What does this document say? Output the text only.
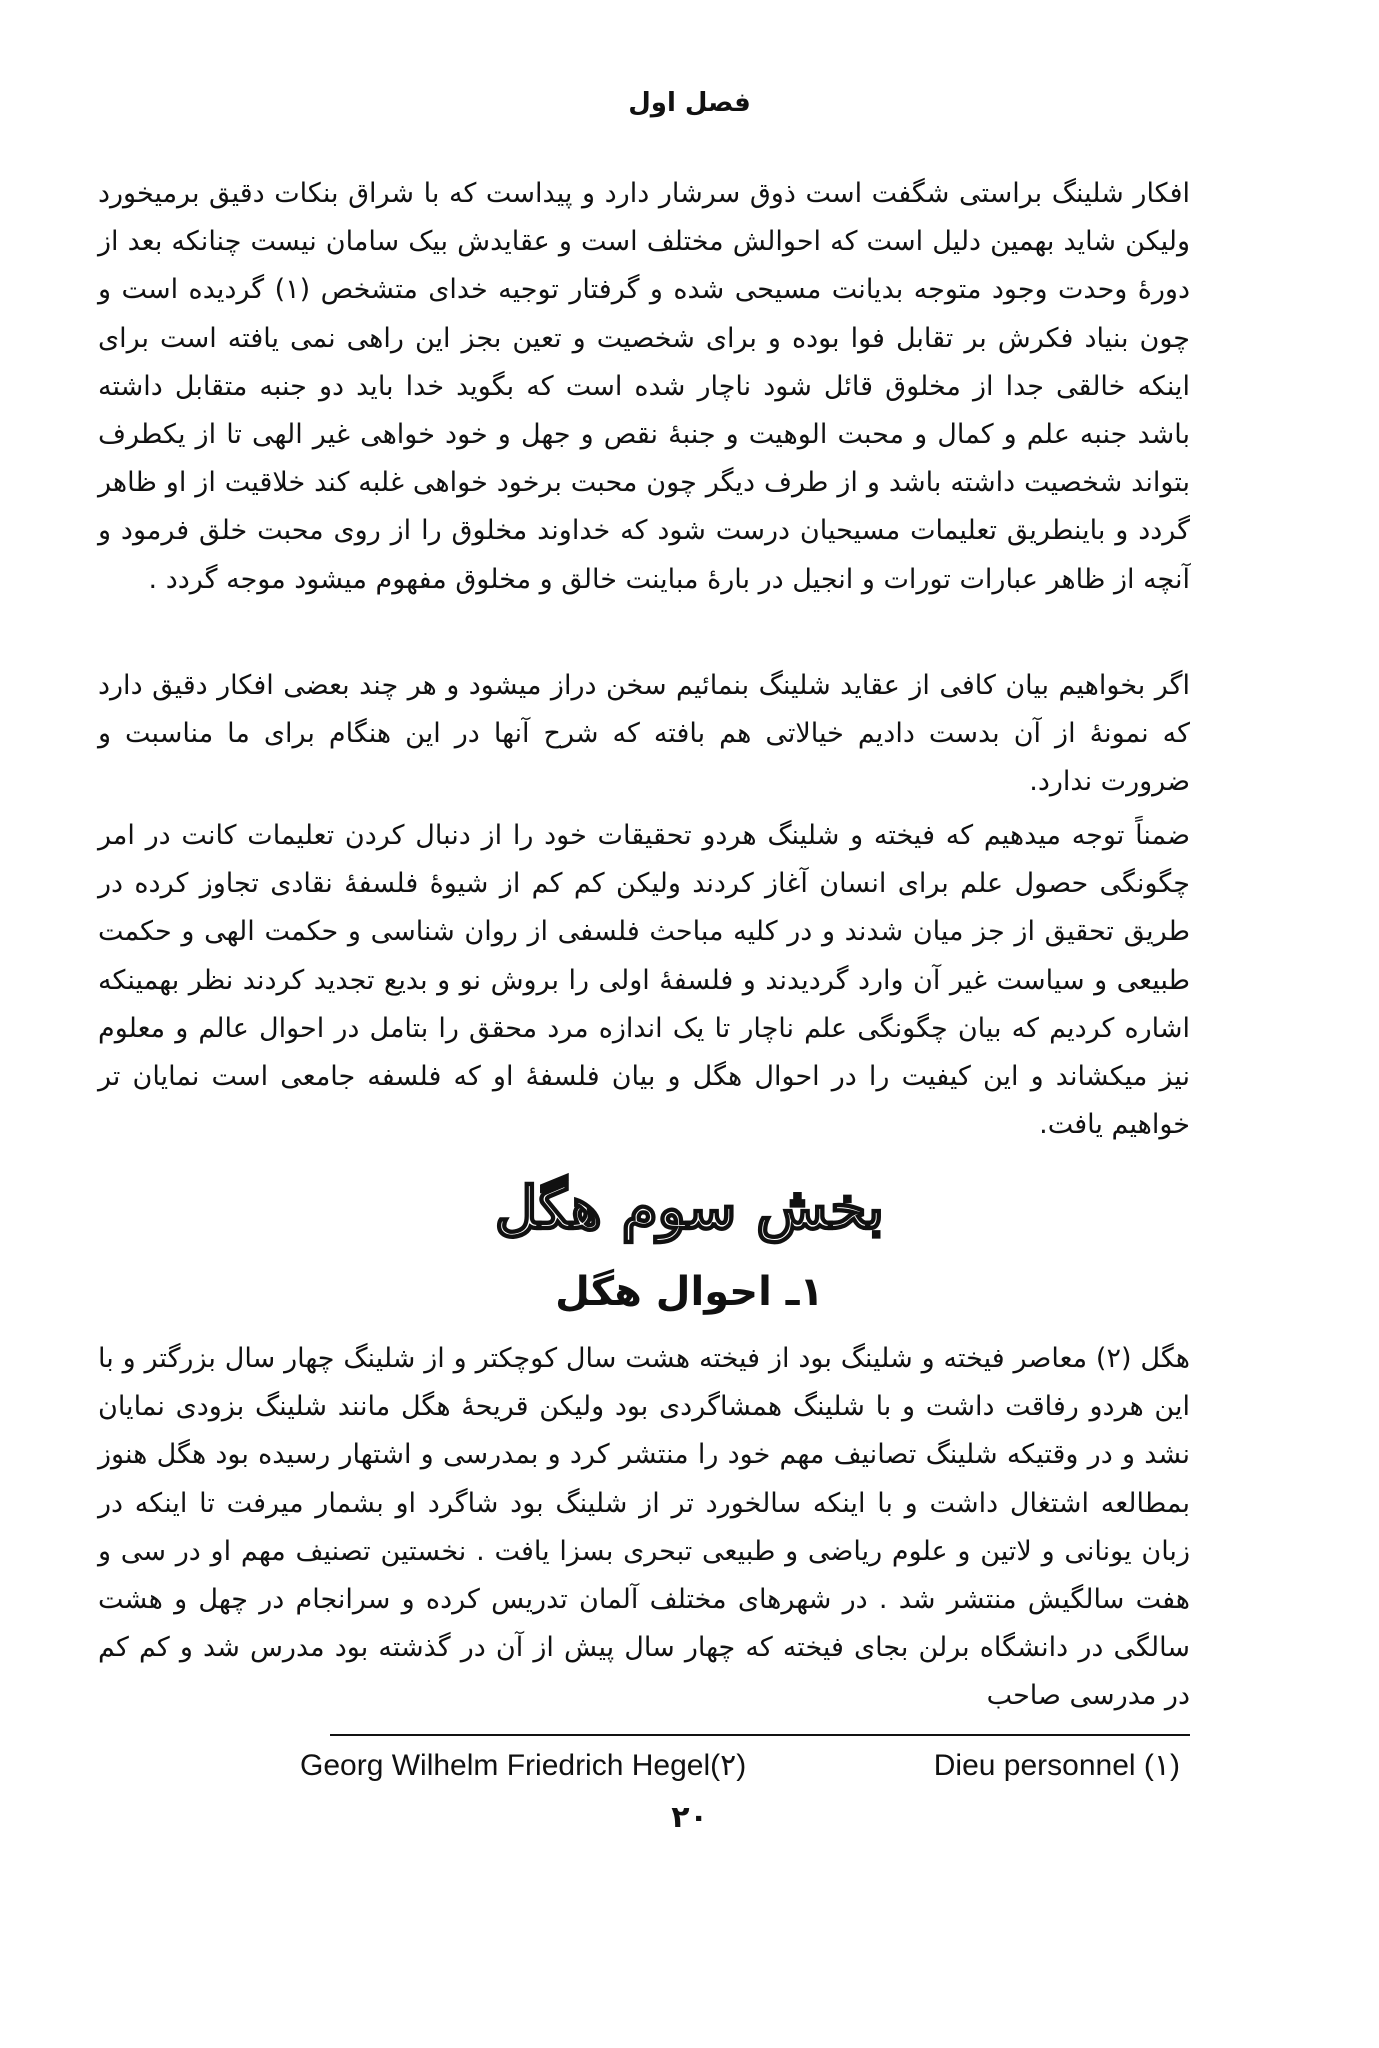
فصل اول

افکار شلینگ براستی شگفت است ذوق سرشار دارد و پیداست که با شراق بنکات دقیق برمیخورد ولیکن شاید بهمین دلیل است که احوالش مختلف است و عقایدش بیک سامان نیست چنانکه بعد از دورهٔ وحدت وجود متوجه بدیانت مسیحی شده و گرفتار توجیه خدای متشخص (۱) گردیده است و چون بنیاد فکرش بر تقابل فوا بوده و برای شخصیت و تعین بجز این راهی نمی یافته است برای اینکه خالقی جدا از مخلوق قائل شود ناچار شده است که بگوید خدا باید دو جنبه متقابل داشته باشد جنبه علم و کمال و محبت الوهیت و جنبهٔ نقص و جهل و خود خواهی غیر الهی تا از یکطرف بتواند شخصیت داشته باشد و از طرف دیگر چون محبت برخود خواهی غلبه کند خلاقیت از او ظاهر گردد و باینطریق تعلیمات مسیحیان درست شود که خداوند مخلوق را از روی محبت خلق فرمود و آنچه از ظاهر عبارات تورات و انجیل در بارهٔ مباینت خالق و مخلوق مفهوم میشود موجه گردد .

اگر بخواهیم بیان کافی از عقاید شلینگ بنمائیم سخن دراز میشود و هر چند بعضی افکار دقیق دارد که نمونهٔ از آن بدست دادیم خیالاتی هم بافته که شرح آنها در این هنگام برای ما مناسبت و ضرورت ندارد.

ضمناً توجه میدهیم که فیخته و شلینگ هردو تحقیقات خود را از دنبال کردن تعلیمات کانت در امر چگونگی حصول علم برای انسان آغاز کردند ولیکن کم کم از شیوهٔ فلسفهٔ نقادی تجاوز کرده در طریق تحقیق از جز میان شدند و در کلیه مباحث فلسفی از روان شناسی و حکمت الهی و حکمت طبیعی و سیاست غیر آن وارد گردیدند و فلسفهٔ اولی را بروش نو و بدیع تجدید کردند نظر بهمینکه اشاره کردیم که بیان چگونگی علم ناچار تا یک اندازه مرد محقق را بتامل در احوال عالم و معلوم نیز میکشاند و این کیفیت را در احوال هگل و بیان فلسفهٔ او که فلسفه جامعی است نمایان تر خواهیم یافت.

بخش سوم هگل
۱ـ احوال هگل

هگل (۲) معاصر فیخته و شلینگ بود از فیخته هشت سال کوچکتر و از شلینگ چهار سال بزرگتر و با این هردو رفاقت داشت و با شلینگ همشاگردی بود ولیکن قریحهٔ هگل مانند شلینگ بزودی نمایان نشد و در وقتیکه شلینگ تصانیف مهم خود را منتشر کرد و بمدرسی و اشتهار رسیده بود هگل هنوز بمطالعه اشتغال داشت و با اینکه سالخورد تر از شلینگ بود شاگرد او بشمار میرفت تا اینکه در زبان یونانی و لاتین و علوم ریاضی و طبیعی تبحری بسزا یافت . نخستین تصنیف مهم او در سی و هفت سالگیش منتشر شد . در شهرهای مختلف آلمان تدریس کرده و سرانجام در چهل و هشت سالگی در دانشگاه برلن بجای فیخته که چهار سال پیش از آن در گذشته بود مدرس شد و کم کم در مدرسی صاحب

Georg Wilhelm Friedrich Hegel(۲)	Dieu personnel (۱)
۲۰
